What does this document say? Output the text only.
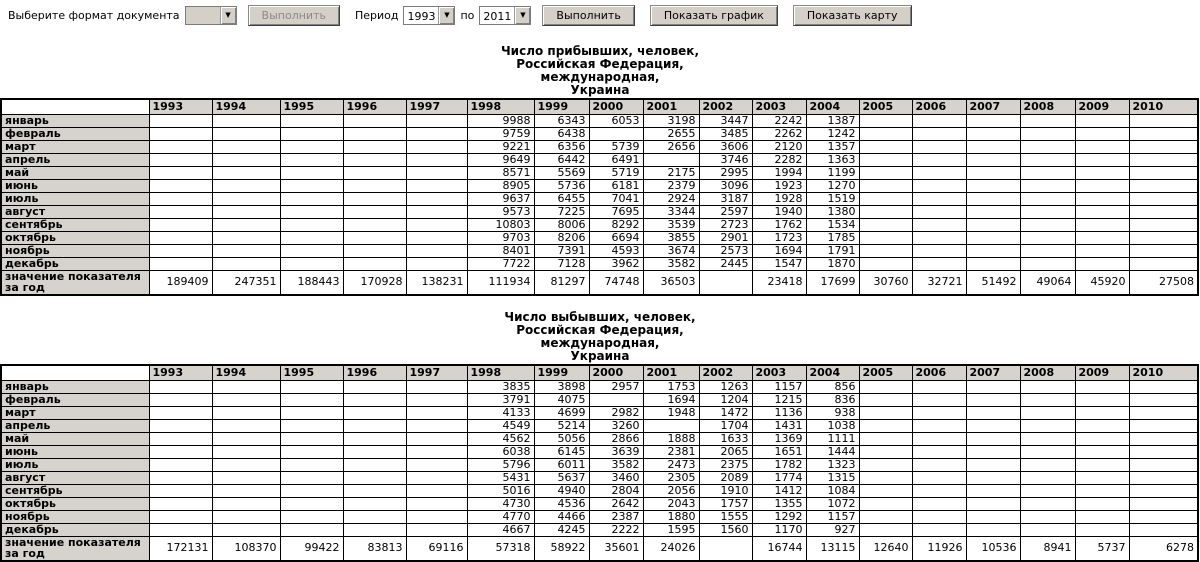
Выберите формат документа	▼	Выполнить	Период 1993	▼ по 2011	▼	Выполнить	Показать график	Показать карту
Число прибывших, человек,
Российская Федерация,
международная,
Украина
	1993	1994	1995	1996	1997	1998	1999	2000	2001	2002	2003	2004	2005	2006	2007	2008	2009	2010
январь						9988	6343	6053	3198	3447	2242	1387						
февраль						9759	6438		2655	3485	2262	1242						
март						9221	6356	5739	2656	3606	2120	1357						
апрель						9649	6442	6491		3746	2282	1363						
май						8571	5569	5719	2175	2995	1994	1199						
июнь						8905	5736	6181	2379	3096	1923	1270						
июль						9637	6455	7041	2924	3187	1928	1519						
август						9573	7225	7695	3344	2597	1940	1380						
сентябрь						10803	8006	8292	3539	2723	1762	1534						
октябрь						9703	8206	6694	3855	2901	1723	1785						
ноябрь						8401	7391	4593	3674	2573	1694	1791						
декабрь						7722	7128	3962	3582	2445	1547	1870						
значение показателя за год	189409	247351	188443	170928	138231	111934	81297	74748	36503		23418	17699	30760	32721	51492	49064	45920	27508
Число выбывших, человек,
Российская Федерация,
международная,
Украина
	1993	1994	1995	1996	1997	1998	1999	2000	2001	2002	2003	2004	2005	2006	2007	2008	2009	2010
январь						3835	3898	2957	1753	1263	1157	856						
февраль						3791	4075		1694	1204	1215	836						
март						4133	4699	2982	1948	1472	1136	938						
апрель						4549	5214	3260		1704	1431	1038						
май						4562	5056	2866	1888	1633	1369	1111						
июнь						6038	6145	3639	2381	2065	1651	1444						
июль						5796	6011	3582	2473	2375	1782	1323						
август						5431	5637	3460	2305	2089	1774	1315						
сентябрь						5016	4940	2804	2056	1910	1412	1084						
октябрь						4730	4536	2642	2043	1757	1355	1072						
ноябрь						4770	4466	2387	1880	1555	1292	1157						
декабрь						4667	4245	2222	1595	1560	1170	927						
значение показателя за год	172131	108370	99422	83813	69116	57318	58922	35601	24026		16744	13115	12640	11926	10536	8941	5737	6278
